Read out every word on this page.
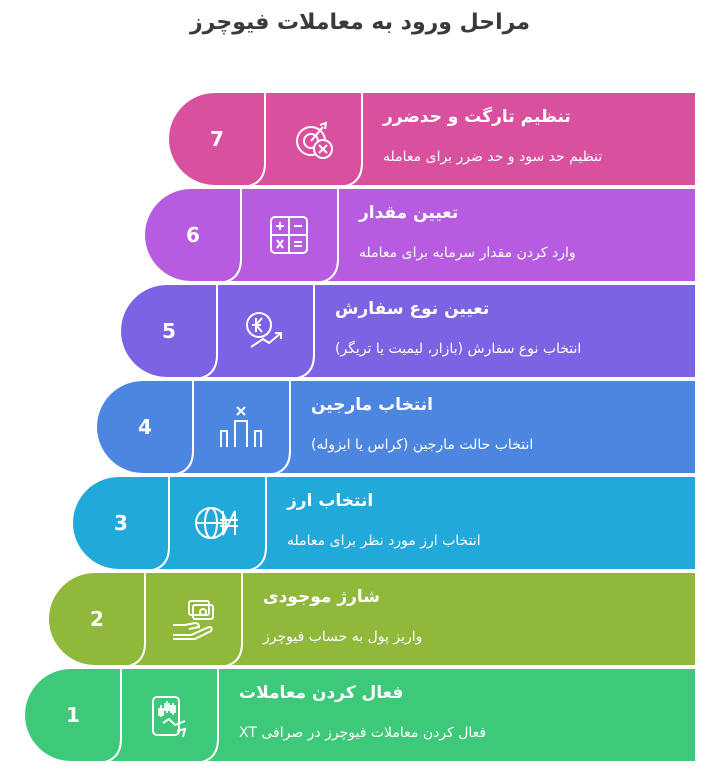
مراحل ورود به معاملات فیوچرز
7
تنظیم تارگت و حدضرر
تنظیم حد سود و حد ضرر برای معامله
6
تعیین مقدار
وارد کردن مقدار سرمایه برای معامله
5
تعیین نوع سفارش
انتخاب نوع سفارش (بازار، لیمیت یا تریگر)
4
انتخاب مارجین
انتخاب حالت مارجین (کراس یا ایزوله)
3
انتخاب ارز
انتخاب ارز مورد نظر برای معامله
2
شارژ موجودی
واریز پول به حساب فیوچرز
1
فعال کردن معاملات
فعال کردن معاملات فیوچرز در صرافی XT
